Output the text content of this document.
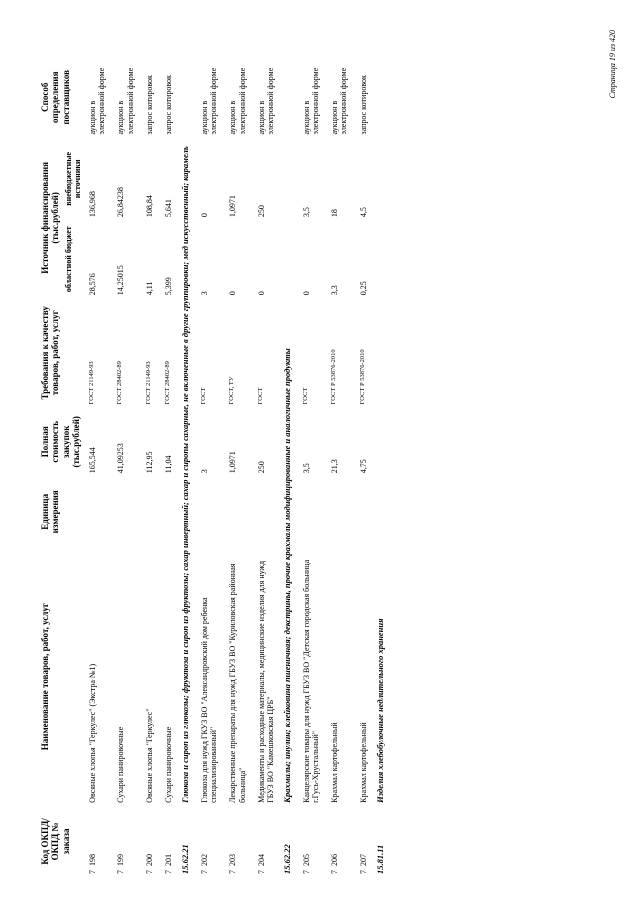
Код ОКПД/ ОКПД № заказа	Наименование товаров, работ, услуг	Единица измерения	Полная стоимость закупок (тыс.рублей)	Требования к качеству товаров, работ, услуг	Источник финансирования (тыс.рублей)		Способ определения поставщиков
					областной бюджет	внебюджетные источники	
7  198	Овсяные хлопья "Геркулес" (Экстра №1)		165,544	ГОСТ 21149-93	28,576	136,968	аукцион в электронной форме
7  199	Сухари панировочные		41,09253	ГОСТ 28402-89	14,25015	26,84238	аукцион в электронной форме
7  200	Овсяные хлопья "Геркулес"		112,95	ГОСТ 21149-93	4,11	108,84	запрос котировок
7  201	Сухари панировочные		11,04	ГОСТ 28402-89	5,399	5,641	запрос котировок
15.62.21	Глюкоза и сироп из глюкозы; фруктоза и сироп из фруктозы; сахар инвертный; сахар и сиропы сахарные, не включенные в другие группировки; мед искусственный; карамель						
7  202	Глюкоза для нужд ГКУЗ ВО "Александровский дом ребенка специализированный"		3	ГОСТ	3	0	аукцион в электронной форме
7  203	Лекарственные препараты для нужд ГБУЗ ВО "Куриловская районная больница"		1,0971	ГОСТ, ТУ	0	1,0971	аукцион в электронной форме
7  204	Медикаменты и расходные материалы, медицинские изделия для нужд ГБУЗ ВО "Камешковская ЦРБ"		250	ГОСТ	0	250	аукцион в электронной форме
15.62.22	Крахмалы; инулин; клейковина пшеничная; декстрины, прочие крахмалы модифицированные и аналогичные продукты						
7  205	Канцелярские товары для нужд ГБУЗ ВО "Детская городская больница г.Гусь-Хрустальный"		3,5	ГОСТ	0	3,5	аукцион в электронной форме
7  206	Крахмал картофельный		21,3	ГОСТ Р 53876-2010	3,3	18	аукцион в электронной форме
7  207	Крахмал картофельный		4,75	ГОСТ Р 53876-2010	0,25	4,5	запрос котировок
15.81.11	Изделия хлебобулочные недлительного хранения						
Страница 19 из 420
